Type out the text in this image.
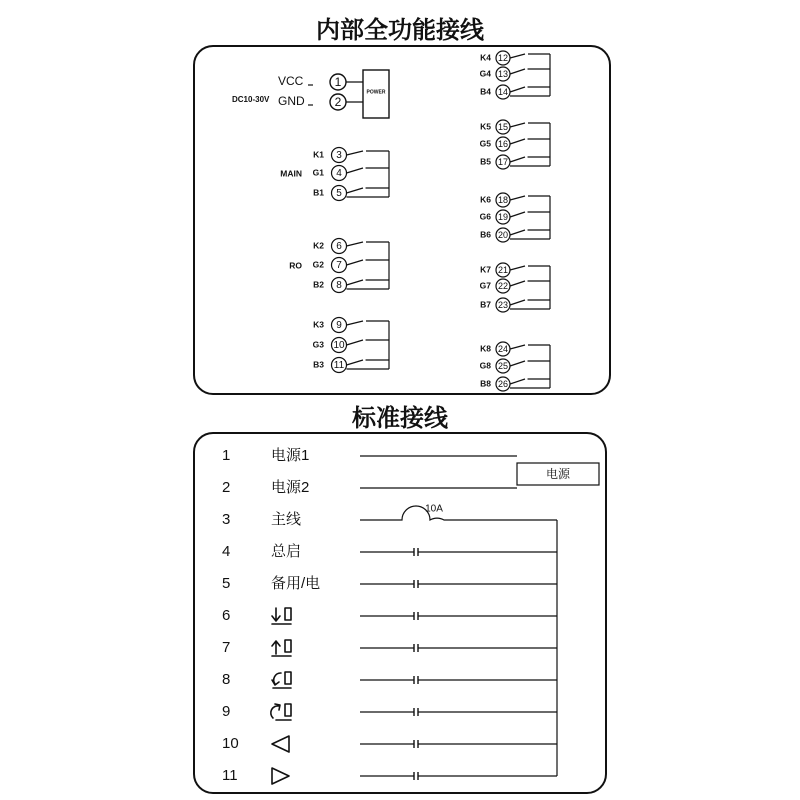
内部全功能接线
标准接线
DC10-30V
VCC	1
GND 2
POWER
MAIN
K1 3
G1 4
B1 5
RO
K2 6
G2 7
B2 8
K3 9
G3 10
B3 11
K4 12
G4 13
B4 14
K5 15
G5 16
B5 17
K6 18
G6 19
B6 20
K7 21
G7 22
B7 23
K8 24
G8 25
B8 26
1	电源1
2	电源2
3	主线
4	总启
5	备用/电
6
7
8
9
10
11
电源
10A
